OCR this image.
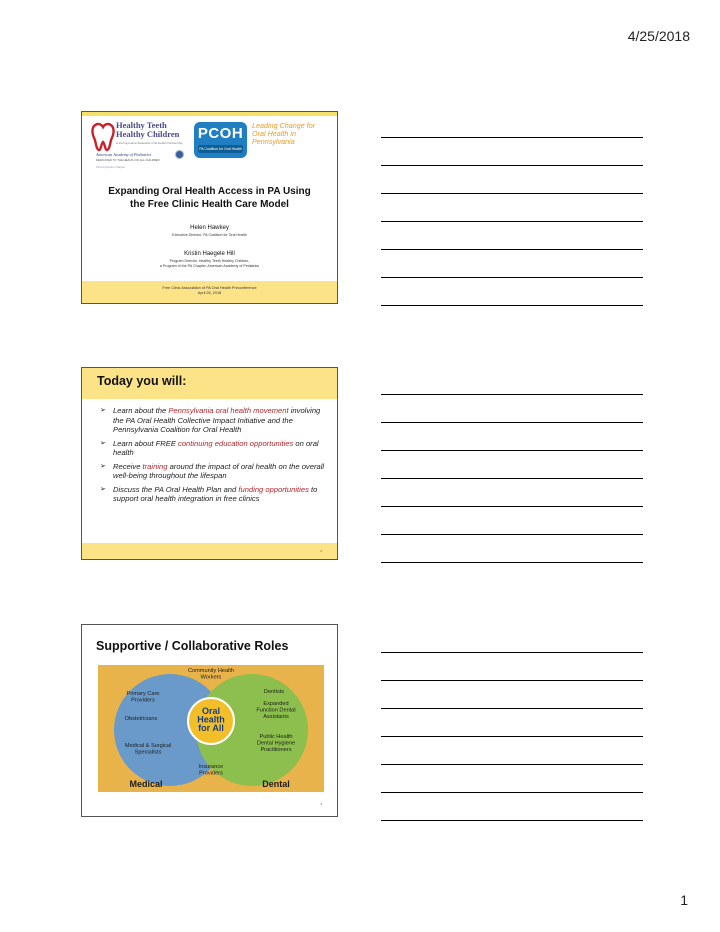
4/25/2018
Healthy Teeth
Healthy Children
A Pennsylvania Statewide Oral Health Partnership
American Academy of Pediatrics
DEDICATED TO THE HEALTH OF ALL CHILDREN
Pennsylvania Chapter
PCOH
PA Coalition for Oral Health
Leading Change for
Oral Health in
Pennsylvania
Expanding Oral Health Access in PA Using
the Free Clinic Health Care Model
Helen Hawkey
Executive Director, PA Coalition for Oral Health
Kristin Haegele Hill
Program Director, Healthy Teeth Healthy Children,
a Program of the PA Chapter, American Academy of Pediatrics
Free Clinic Association of PA Oral Health Preconference
April 26, 2018
Today you will:
➢ Learn about the Pennsylvania oral health movement involving the PA Oral Health Collective Impact Initiative and the Pennsylvania Coalition for Oral Health
➢ Learn about FREE continuing education opportunities on oral health
➢ Receive training around the impact of oral health on the overall well-being throughout the lifespan
➢ Discuss the PA Oral Health Plan and funding opportunities to support oral health integration in free clinics
2
Supportive / Collaborative Roles
Community Health Workers
Primary Care Providers
Obstetricians
Medical & Surgical Specialists
Dentists
Expanded Function Dental Assistants
Public Health Dental Hygiene Practitioners
Insurance Providers
Oral Health for All
Medical	Dental
3
1
